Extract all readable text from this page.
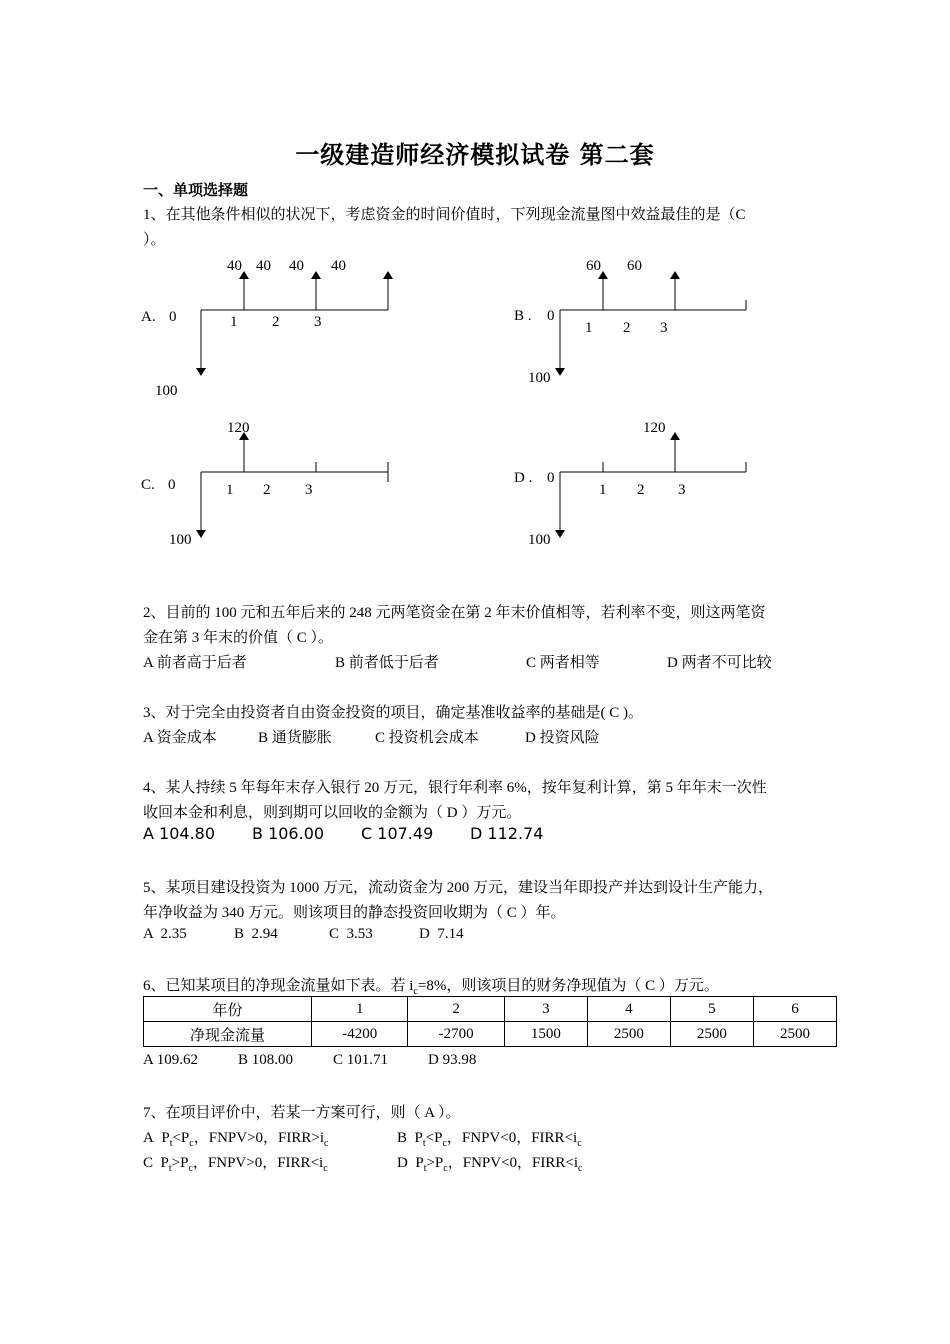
一级建造师经济模拟试卷 第二套
一、单项选择题
1、在其他条件相似的状况下，考虑资金的时间价值时，下列现金流量图中效益最佳的是（C
）。
A. 0
40 40 40 40
1 2 3
100
B . 0
60 60
1 2 3
100
C. 0
120
1 2 3
100
D . 0
120
1 2 3
100
2、目前的 100 元和五年后来的 248 元两笔资金在第 2 年末价值相等，若利率不变，则这两笔资
金在第 3 年末的价值（ C ）。
A 前者高于后者	B 前者低于后者	C 两者相等	D 两者不可比较
3、对于完全由投资者自由资金投资的项目，确定基准收益率的基础是( C )。
A 资金成本	B 通货膨胀	C 投资机会成本	D 投资风险
4、某人持续 5 年每年末存入银行 20 万元，银行年利率 6%，按年复利计算，第 5 年年末一次性
收回本金和利息，则到期可以回收的金额为（ D ）万元。
A 104.80 B 106.00 C 107.49 D 112.74
5、某项目建设投资为 1000 万元，流动资金为 200 万元，建设当年即投产并达到设计生产能力，
年净收益为 340 万元。则该项目的静态投资回收期为（ C ）年。
A  2.35	B  2.94	C  3.53	D  7.14
6、已知某项目的净现金流量如下表。若 $i_c=8\%$，则该项目的财务净现值为（ C ）万元。
年份	1	2	3	4	5	6
净现金流量	-4200	-2700	1500	2500	2500	2500
A 109.62	B 108.00	C 101.71	D 93.98
7、在项目评价中，若某一方案可行，则（ A ）。
A  $P_t<P_c$，FNPV>0，$FIRR>i_c$	B  $P_t<P_c$，FNPV<0，$FIRR<i_c$
C  $P_t>P_c$，FNPV>0，$FIRR<i_c$	D  $P_t>P_c$，FNPV<0，$FIRR<i_c$
